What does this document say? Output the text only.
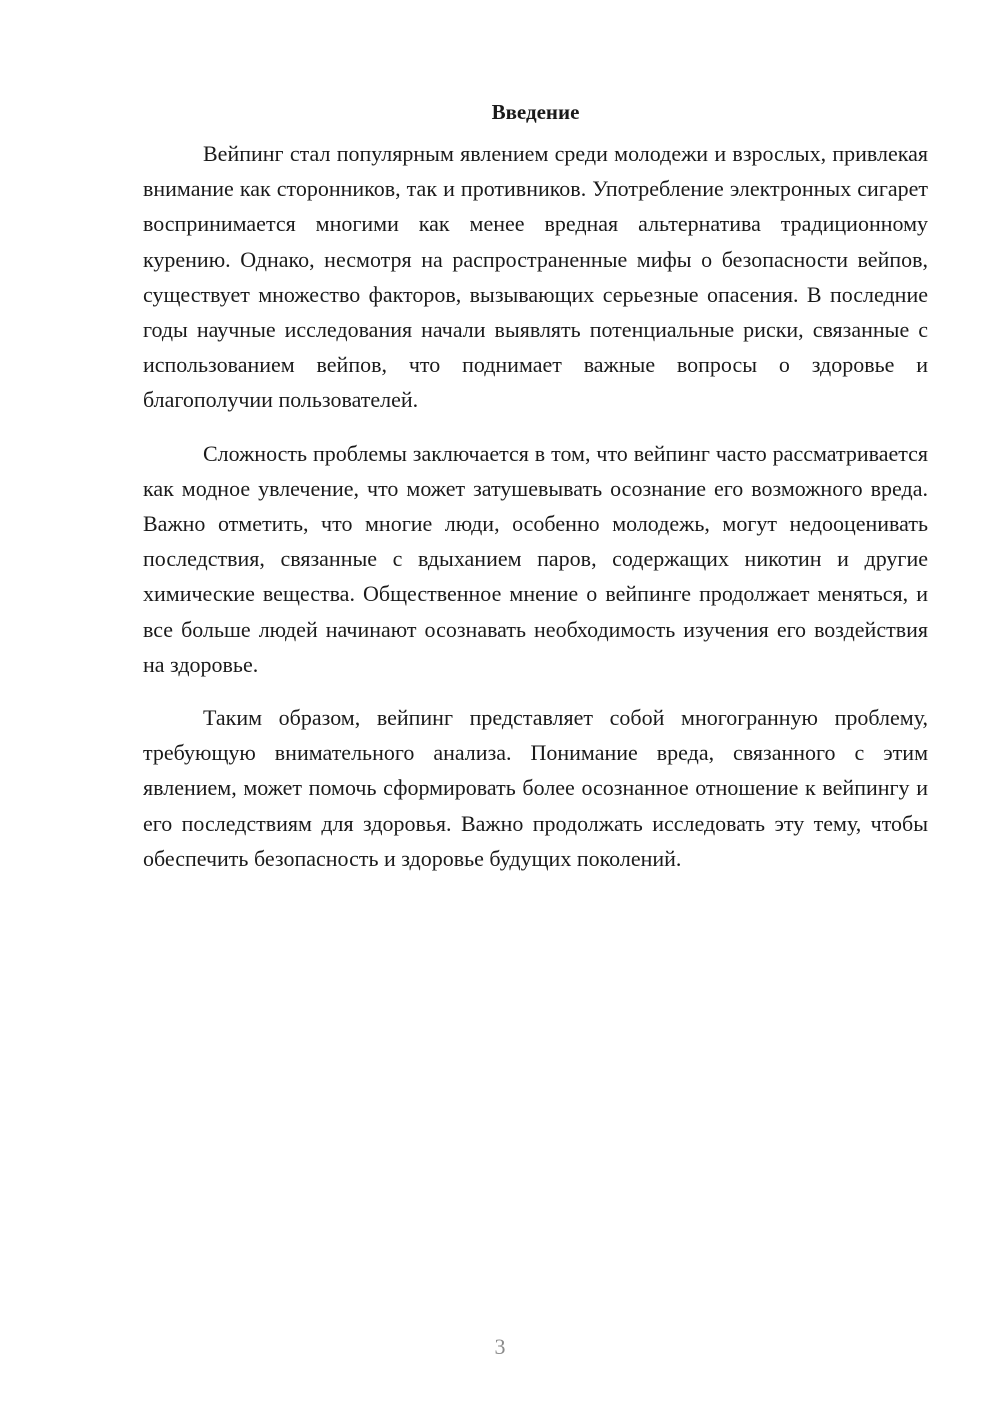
Введение

Вейпинг стал популярным явлением среди молодежи и взрослых, привлекая внимание как сторонников, так и противников. Употребление электронных сигарет воспринимается многими как менее вредная альтернатива традиционному курению. Однако, несмотря на распространенные мифы о безопасности вейпов, существует множество факторов, вызывающих серьезные опасения. В последние годы научные исследования начали выявлять потенциальные риски, связанные с использованием вейпов, что поднимает важные вопросы о здоровье и благополучии пользователей.

Сложность проблемы заключается в том, что вейпинг часто рассматривается как модное увлечение, что может затушевывать осознание его возможного вреда. Важно отметить, что многие люди, особенно молодежь, могут недооценивать последствия, связанные с вдыханием паров, содержащих никотин и другие химические вещества. Общественное мнение о вейпинге продолжает меняться, и все больше людей начинают осознавать необходимость изучения его воздействия на здоровье.

Таким образом, вейпинг представляет собой многогранную проблему, требующую внимательного анализа. Понимание вреда, связанного с этим явлением, может помочь сформировать более осознанное отношение к вейпингу и его последствиям для здоровья. Важно продолжать исследовать эту тему, чтобы обеспечить безопасность и здоровье будущих поколений.

3
